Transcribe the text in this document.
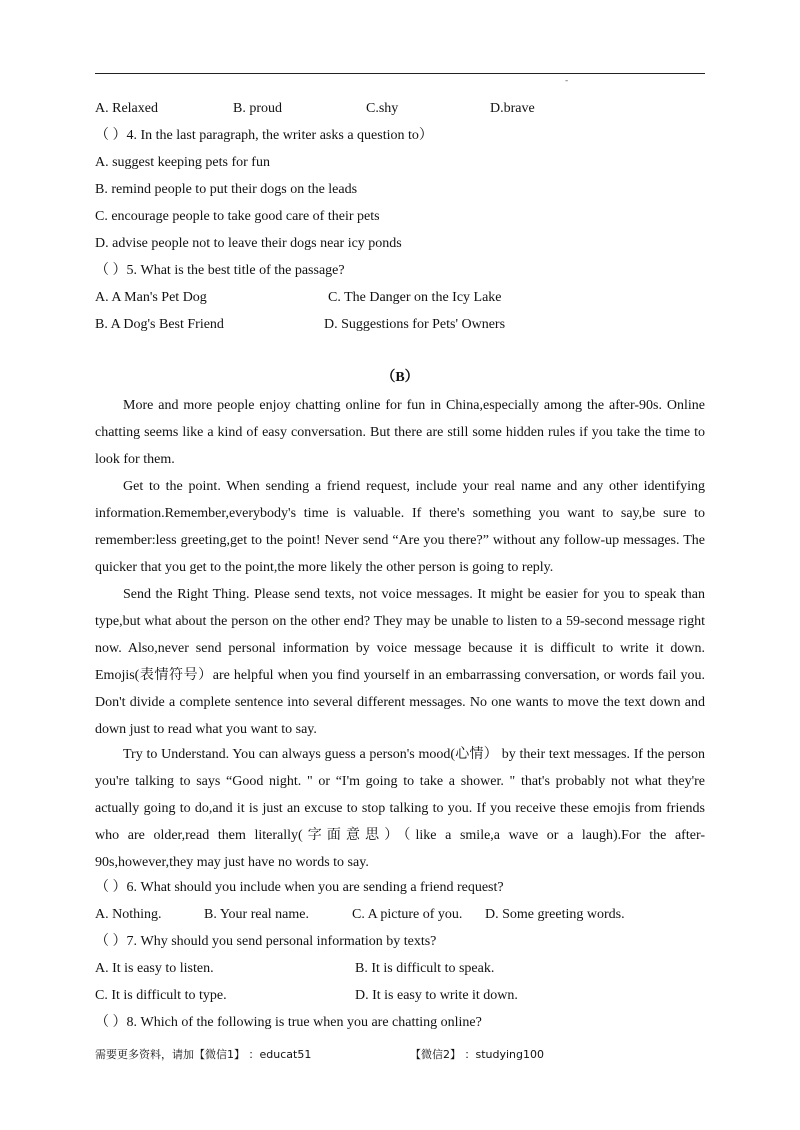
-
A. Relaxed	B. proud	C.shy	D.brave
（ ）4. In the last paragraph, the writer asks a question to）
A. suggest keeping pets for fun
B. remind people to put their dogs on the leads
C. encourage people to take good care of their pets
D. advise people not to leave their dogs near icy ponds
（ ）5. What is the best title of the passage?
A. A Man's Pet Dog	C. The Danger on the Icy Lake
B. A Dog's Best Friend	D. Suggestions for Pets' Owners
（B）

More and more people enjoy chatting online for fun in China,especially among the after-90s. Online chatting seems like a kind of easy conversation. But there are still some hidden rules if you take the time to look for them.

Get to the point. When sending a friend request, include your real name and any other identifying information.Remember,everybody's time is valuable. If there's something you want to say,be sure to remember:less greeting,get to the point! Never send “Are you there?” without any follow-up messages. The quicker that you get to the point,the more likely the other person is going to reply.

Send the Right Thing. Please send texts, not voice messages. It might be easier for you to speak than type,but what about the person on the other end? They may be unable to listen to a 59-second message right now. Also,never send personal information by voice message because it is difficult to write it down. Emojis(表情符号）are helpful when you find yourself in an embarrassing conversation, or words fail you. Don't divide a complete sentence into several different messages. No one wants to move the text down and down just to read what you want to say.

Try to Understand. You can always guess a person's mood(心情） by their text messages. If the person you're talking to says “Good night. " or “I'm going to take a shower. " that's probably not what they're actually going to do,and it is just an excuse to stop talking to you. If you receive these emojis from friends who are older,read them literally(字面意思）（like a smile,a wave or a laugh).For the after-90s,however,they may just have no words to say.

（ ）6. What should you include when you are sending a friend request?
A. Nothing.	B. Your real name.	C. A picture of you. D. Some greeting words.
（ ）7. Why should you send personal information by texts?
A. It is easy to listen.	B. It is difficult to speak.
C. It is difficult to type.	D. It is easy to write it down.
（ ）8. Which of the following is true when you are chatting online?
需要更多资料，请加【微信1】 ：educat51	【微信2】 ：studying100
